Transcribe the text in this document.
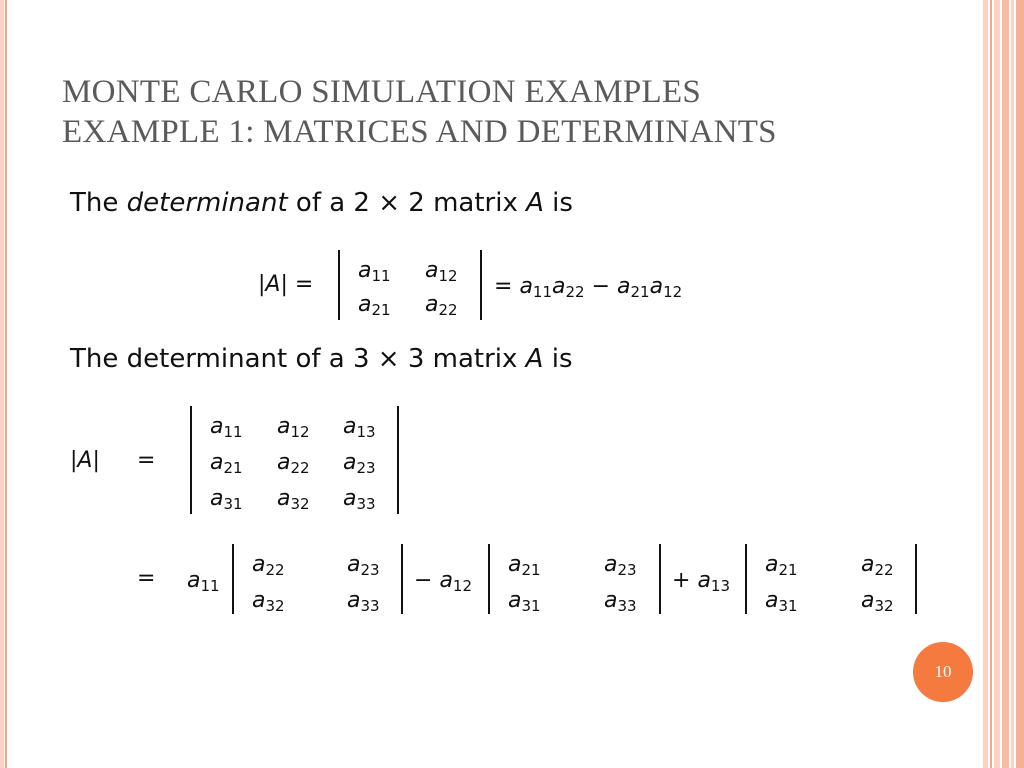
MONTE CARLO SIMULATION EXAMPLES
EXAMPLE 1: MATRICES AND DETERMINANTS
The determinant of a 2 × 2 matrix A is
|A| =
$a_{11}$ $a_{12}$
$a_{21}$ $a_{22}$
= $a_{11}a_{22} - a_{21}a_{12}$
The determinant of a 3 × 3 matrix A is
|A| =
$a_{11}$ $a_{12}$ $a_{13}$
$a_{21}$ $a_{22}$ $a_{23}$
$a_{31}$ $a_{32}$ $a_{33}$
= $a_{11}$
$a_{22}$	$a_{23}$
$a_{32}$	$a_{33}$
− $a_{12}$
$a_{21}$	$a_{23}$
$a_{31}$	$a_{33}$
+ $a_{13}$
$a_{21}$	$a_{22}$
$a_{31}$	$a_{32}$
10
